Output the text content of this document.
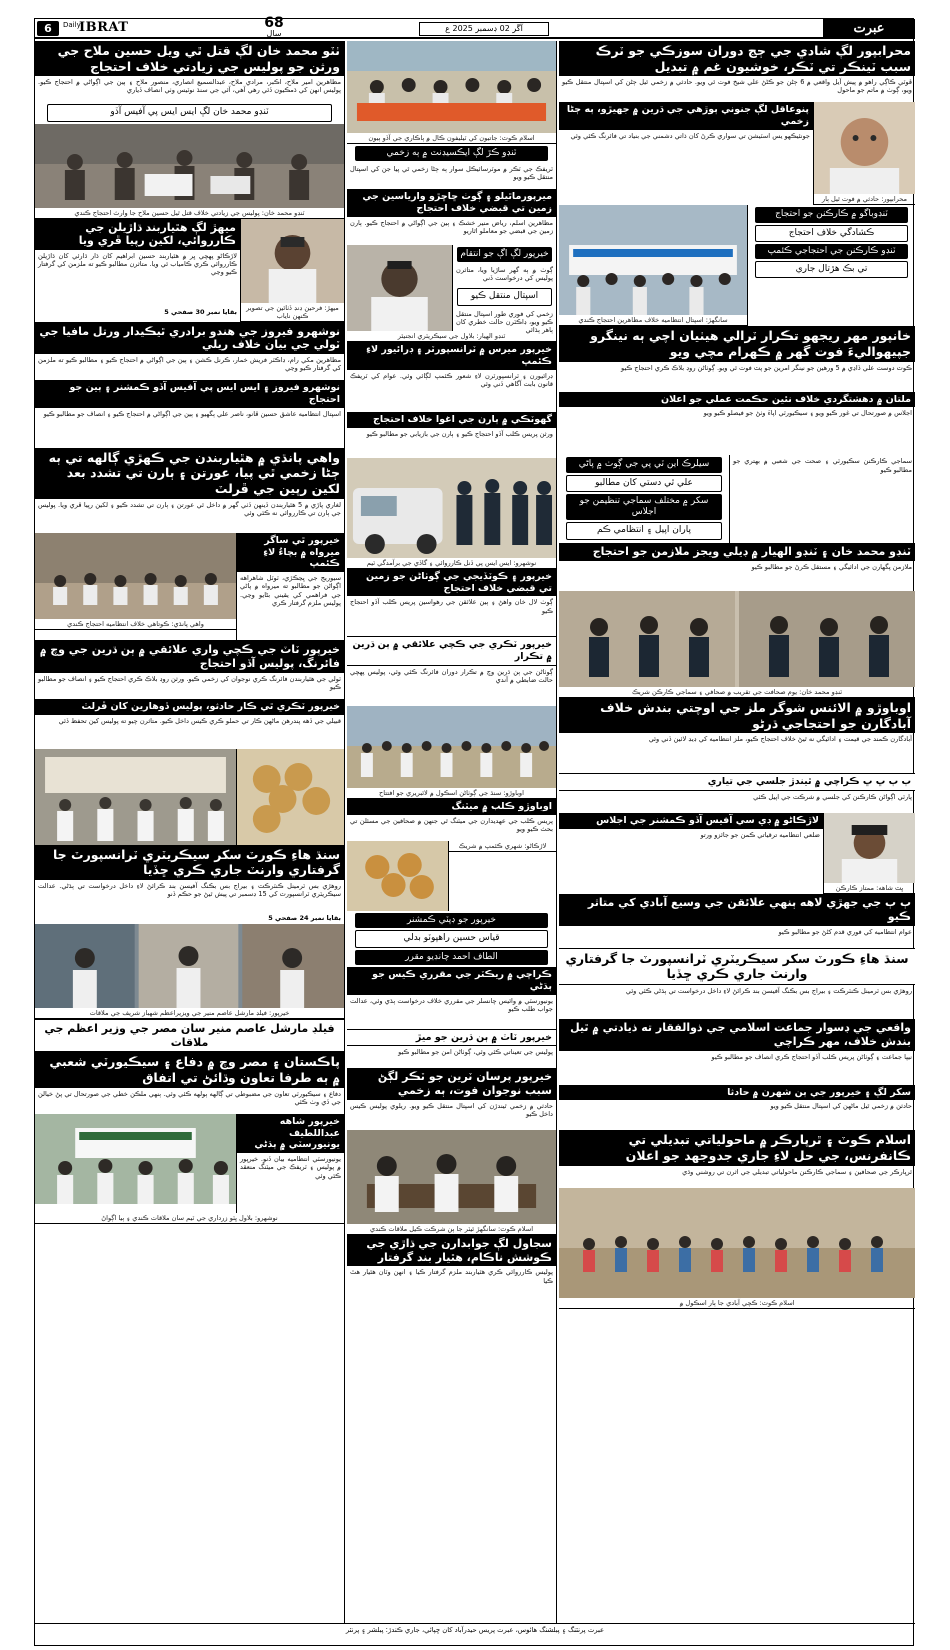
6	Daily
IBRAT	68
سال
آڱر 02 ڊسمبر 2025 ع	عبرت
ٺٽو محمد خان لڳ قتل ٿي ويل حسين ملاح جي ورثن جو پوليس جي زيادتي خلاف احتجاج
مظاهرين امير ملاح، اڪبر، مرادي ملاح، عبدالسميع انصاري، منصور ملاح ۽ ٻين جي اڳواڻي ۾ احتجاج ڪيو. پوليس انهن کي ڌمڪيون ڏئي رهي آهي، آئي جي سنڌ نوٽيس وٺي انصاف ڏياري
ٽنڊو محمد خان لڳ ايس ايس پي آفيس آڏو
ٽنڊو محمد خان: پوليس جي زيادتي خلاف قتل ٿيل حسين ملاح جا وارث احتجاج ڪندي
ميهڙ لڳ هٿياربند ڌاڙيلن جي ڪارروائي، لکين رپيا ڦري ويا
لاڙڪاڻو پهچي ڀر ۾ هٿياربند حسين ابراهيم کان ڌار ڌارئي کان ڌاڙيلن ڪارروائي ڪري ڪامياب ٿي ويا. متاثرن مطالبو ڪيو ته ملزمن کي گرفتار ڪيو وڃي
بقايا نمبر 30 صفحي 5
ميهڙ: فرحين ڊنڊ ڏٺائين جي تصوير ڪنهن ناياب
نوشهرو فيروز جي هندو برادري ٿيڪيدار ورتل مافيا جي ٽولي جي بيان خلاف ريلي
مظاهرين مکي رام، ڊاڪٽر فريش خمار، ڪرنل ڪشن ۽ ٻين جي اڳواڻي ۾ احتجاج ڪيو ۽ مطالبو ڪيو ته ملزمن کي گرفتار ڪيو وڃي
نوشهرو فيروز ۽ ايس ايس پي آفيس آڏو ڪمشنر ۽ ٻين جو احتجاج
اسپتال انتظاميه عاشق حسين ڦانو، ناصر علي ٻگهيو ۽ ٻين جي اڳواڻي ۾ احتجاج ڪيو ۽ انصاف جو مطالبو ڪيو
واهي پانڌي ۾ هٿياربندن جي ڪهڙي ڳالهه تي ٻه ڄڻا زخمي ٿي پيا، عورتن ۽ ٻارن تي تشدد بعد لکين رپين جي ڦرلٽ
لغاري پاڙي ۾ 5 هٿياربندن ڏينهن ڏٺي گهر ۾ داخل ٿي عورتن ۽ ٻارن تي تشدد ڪيو ۽ لکين رپيا ڦري ويا. پوليس جي ٻارن تي ڪارروائي نه ڪئي وئي
واهي پانڌي: ڪوتاهي خلاف انتظاميه احتجاج ڪندي
خيرپور ٿي ساگر ميرواه ۾ بچاءُ لاءِ ڪئمپ
سيوريج جي ڀڃڪڙي، ٽوٽل شاهراهه اڳواڻن جو مطالبو ته ميرواه ۾ پاڻي جي فراهمي کي يقيني بڻايو وڃي. پوليس ملزم گرفتار ڪري
خيرپور ٽاٽ جي ڪچي واري علائقي ۾ ٻن ڌرين جي وچ ۾ فائرنگ، پوليس آڏو احتجاج
ٽولي جي هٿياربندن فائرنگ ڪري نوجوان کي زخمي ڪيو. ورثن روڊ بلاڪ ڪري احتجاج ڪيو ۽ انصاف جو مطالبو ڪيو
خيرپور ٽڪري ٿي ڪار حادثو، پوليس ڏوهارين کان ڦرلٽ
قبيلي جي ڏهه پندرهن ماڻهن ڪار تي حملو ڪري ڪيس داخل ڪيو. متاثرن چيو ته پوليس کين تحفظ ڏئي
سنڌ هاءِ ڪورٽ سکر سيڪريٽري ٽرانسپورٽ جا گرفتاري وارنٽ جاري ڪري ڇڏيا
روهڙي بس ٽرمينل ڪنٽرڪٽ ۽ بيراج بس بڪنگ آفيسن بند ڪرائڻ لاءِ داخل درخواست تي ٻڌڻي. عدالت سيڪريٽري ٽرانسپورٽ کي 15 ڊسمبر تي پيش ٿيڻ جو حڪم ڏنو
بقايا نمبر 24 صفحي 5
خيرپور: فيلڊ مارشل عاصم منير جي ويزيراعظم شهباز شريف جي ملاقات
فيلڊ مارشل عاصم منير سان مصر جي وزير اعظم جي ملاقات
پاڪستان ۽ مصر وچ ۾ دفاع ۽ سيڪيورٽي شعبي ۾ ٻه طرفا تعاون وڌائڻ تي اتفاق
دفاع ۽ سيڪيورٽي تعاون جي مضبوطي تي ڳالهه ٻولهه ڪئي وئي. ٻنهي ملڪن خطي جي صورتحال تي پڻ خيالن جي ڏي وٺ ڪئي
خيرپور شاهه عبداللطيف يونيورسٽي ۾ ٻڌڻي
يونيورسٽي انتظاميه بيان ڏنو. خيرپور ۾ پوليس ۽ ٽريفڪ جي ميٽنگ منعقد ڪئي وئي
نوشهرو: بلاول ڀٽو زرداري جي ٽيم سان ملاقات ڪندي ۽ ٻيا اڳواڻ
اسلام ڪوٽ: جاتيون کي ٽيليفون ڪال ۾ ٻاڪاري جي آڏو ٻيون
ٽنڊو ڪڙ لڳ ايڪسيڊنٽ ۾ ٻه زخمي
ٽريفڪ جي ٽڪر ۾ موٽرسائيڪل سوار ٻه ڄڻا زخمي ٿي پيا جن کي اسپتال منتقل ڪيو ويو
ميرپورماٿيلو ۽ ڳوٺ ڇاڇڙو وارياسين جي زمين تي قبضي خلاف احتجاج
مظاهرين اسلم، رياض منير خشڪ ۽ ٻين جي اڳواڻي ۾ احتجاج ڪيو. ٻارن زمين جي قبضي جو معاملو اٿاريو
خيرپور لڳ اڳ جو انتقام
ڳوٺ ۾ ٻه گهر ساڙيا ويا، متاثرن پوليس کي درخواست ڏني
اسپتال منتقل ڪيو
زخمي کي فوري طور اسپتال منتقل ڪيو ويو، ڊاڪٽرن حالت خطري کان ٻاهر ٻڌائي
ٽنڊو الهيار: بلاول جي سيڪريٽري انجنيئر
خيرپور ميرس ۾ ٽرانسپورٽر ۽ ڊرائيور لاءِ ڪئمپ
ڊرائيورن ۽ ٽرانسپورٽرن لاءِ شعور ڪئمپ لڳائي وئي. عوام کي ٽريفڪ قانون بابت آگاهي ڏني وئي
گهوٽڪي ۾ ٻارن جي اغوا خلاف احتجاج
ورثن پريس ڪلب آڏو احتجاج ڪيو ۽ ٻارن جي بازيابي جو مطالبو ڪيو
نوشهرو: ايس ايس پي ڏنل ڪارروائي ۽ گاڏي جي برآمدگي ٽيم
خيرپور ۽ ڪوٽڏيجي جي ڳوٺاڻن جو زمين تي قبضي خلاف احتجاج
ڳوٺ لال خان واهڻ ۽ ٻين علائقن جي رهواسين پريس ڪلب آڏو احتجاج ڪيو
خيرپور ٽڪري جي ڪچي علائقي ۾ ٻن ڌرين ۾ تڪرار
ڳوٺاڻن جي ٻن ڌرين وچ ۾ تڪرار دوران فائرنگ ڪئي وئي، پوليس پهچي حالت ضابطي ۾ آندي
اوباوڙو: سنڌ جي ڳوٺاڻن اسڪول ۾ لائبريري جو افتتاح
اوباوڙو ڪلب ۾ ميٽنگ
پريس ڪلب جي عهديدارن جي ميٽنگ ٿي جنهن ۾ صحافين جي مسئلن تي بحث ڪيو ويو
لاڙڪاڻو: شهري ڪئمپ ۾ شريڪ
خيرپور جو ڊپٽي ڪمشنر
قياس حسين راهپوٽو بدلي
الطاف احمد چانڊيو مقرر
ڪراچي ۾ ريڪٽر جي مقرري ڪيس جو ٻڌڻي
يونيورسٽي ۾ وائيس چانسلر جي مقرري خلاف درخواست ٻڌي وئي، عدالت جواب طلب ڪيو
خيرپور ٽاٽ ۾ ٻن ڌرين جو ميڙ
پوليس جي تعيناتي ڪئي وئي، ڳوٺاڻن امن جو مطالبو ڪيو
خيرپور پرسان ٽرين جو ٽڪر لڳڻ سبب نوجوان فوت، ٻه زخمي
حادثي ۾ زخمي ٿيندڙن کي اسپتال منتقل ڪيو ويو. ريلوي پوليس ڪيس داخل ڪيو
اسلام ڪوٽ: سانگهڙ ٿيٽر جا ٻن شرڪت ڪيل ملاقات ڪندي
سجاول لڳ جوابدارن جي ڌاڙي جي ڪوشش ناڪام، هٿيار بند گرفتار
پوليس ڪارروائي ڪري هٿياربند ملزم گرفتار ڪيا ۽ انهن وٽان هٿيار هٿ ڪيا
محرابپور لڳ شادي جي ڄڃ دوران سوزڪي جو ٽرڪ سبب ٽينڪر تي ٽڪر، خوشيون غم ۾ تبديل
ڦوٽي ڪاڳي راهو ۾ پيش آيل واقعي ۾ 6 ڄڻن جو ڪڻڻ علي شيخ فوت ٿي ويو. حادثي ۾ زخمي ٿيل ڄڻن کي اسپتال منتقل ڪيو ويو، ڳوٺ ۾ ماتم جو ماحول
پنوعاقل لڳ جنوني ٻوڙهي جي ڌرين ۾ جهيڙو، ٻه ڄڻا زخمي
جونئيڪهو يس اسٽيشن تي سواري ڪرڻ کان ذاتي دشمني جي بنياد تي فائرنگ ڪئي وئي
محرابپور: حادثي ۾ فوت ٿيل ٻار
سانگهڙ: اسپتال انتظاميه خلاف مظاهرين احتجاج ڪندي
ٽنڊوباگو ۾ ڪارڪنن جو احتجاج
ڪشادگي خلاف احتجاج
ٽنڊو ڪارڪنن جي احتجاجي ڪئمپ
تي بڪ هڙتال جاري
خانپور مهر ريجهو تڪرار ٽرالي هيٺيان اچي ٻه نينگرو جپيهواليءَ فوت گهر ۾ ڪهرام مچي ويو
ڪوٽ دوست علي ڏاڍي ۾ 5 ورهين جو نينگر امرين جو پٽ فوت ٿي ويو. ڳوٺاڻن روڊ بلاڪ ڪري احتجاج ڪيو
ملتان ۾ دهشتگردي خلاف نئين حڪمت عملي جو اعلان
اجلاس ۾ صورتحال تي غور ڪيو ويو ۽ سيڪيورٽي اپاءَ وٺڻ جو فيصلو ڪيو ويو
سيلرڪ اين ٽي پي جي ڳوٺ ۾ پاڻي
علي ٿي دستي کان مطالبو
سکر ۾ مختلف سماجي تنظيمن جو اجلاس
پاران اپيل ۽ انتظامي ڪم
سماجي ڪارڪنن سڪيورٽي ۽ صحت جي شعبي ۾ بهتري جو مطالبو ڪيو
ٽنڊو محمد خان ۽ ٽنڊو الهيار ۾ ڊيلي ويجز ملازمن جو احتجاج
ملازمن پگهارن جي ادائيگي ۽ مستقل ڪرڻ جو مطالبو ڪيو
ٽنڊو محمد خان: يوم صحافت جي تقريب ۾ صحافي ۽ سماجي ڪارڪن شريڪ
اوباوڙو ۾ الائنس شوگر ملز جي اوچتي بندش خلاف آبادگارن جو احتجاجي ڌرڻو
آبادگارن ڪمند جي قيمت ۽ ادائيگي نه ٿيڻ خلاف احتجاج ڪيو، ملز انتظاميه کي ڊيڊ لائين ڏني وئي
ٻ ٻ ڀ ڀ ڪراچي ۾ ٿيندڙ جلسي جي تياري
پارٽي اڳواڻن ڪارڪنن کي جلسي ۾ شرڪت جي اپيل ڪئي
لاڙڪاڻو ۾ ڊي سي آفيس آڏو ڪمشنر جي اجلاس
ضلعي انتظاميه ترقياتي ڪمن جو جائزو ورتو
ڀٽ شاهه: ممتاز ڪارڪن
ٻ ٻ جي جهڙي لاهه ٻنهي علائقن جي وسيع آبادي کي متاثر ڪيو
عوام انتظاميه کي فوري قدم کڻڻ جو مطالبو ڪيو
سنڌ هاءِ ڪورٽ سکر سيڪريٽري ٽرانسپورٽ جا گرفتاري وارنٽ جاري ڪري ڇڏيا
روهڙي بس ٽرمينل ڪنٽرڪٽ ۽ بيراج بس بڪنگ آفيسن بند ڪرائڻ لاءِ داخل درخواست تي ٻڌڻي ڪئي وئي
واقعي جي ڊسوار جماعت اسلامي جي ذوالفقار ته ذيادتي ۾ ٿيل بندش خلاف، مهر ڪراچي
نيپا جماعت ۽ ڳوٺاڻن پريس ڪلب آڏو احتجاج ڪري انصاف جو مطالبو ڪيو
سکر لڳ ۽ خيرپور جي ٻن شهرن ۾ حادثا
حادثن ۾ زخمي ٿيل ماڻهن کي اسپتال منتقل ڪيو ويو
اسلام ڪوٽ ۽ ٿرپارڪر ۾ ماحولياتي تبديلي تي ڪانفرنس، جي حل لاءِ جاري جدوجهد جو اعلان
ٿرپارڪر جي صحافين ۽ سماجي ڪارڪنن ماحولياتي تبديلي جي اثرن تي روشني وڌي
اسلام ڪوٽ: ڪچي آبادي جا ٻار اسڪول ۾
عبرت پرنٽنگ ۽ پبلشنگ هائوس، عبرت پريس حيدرآباد کان ڇپائي، جاري ڪندڙ: پبلشر ۽ پرنٽر
